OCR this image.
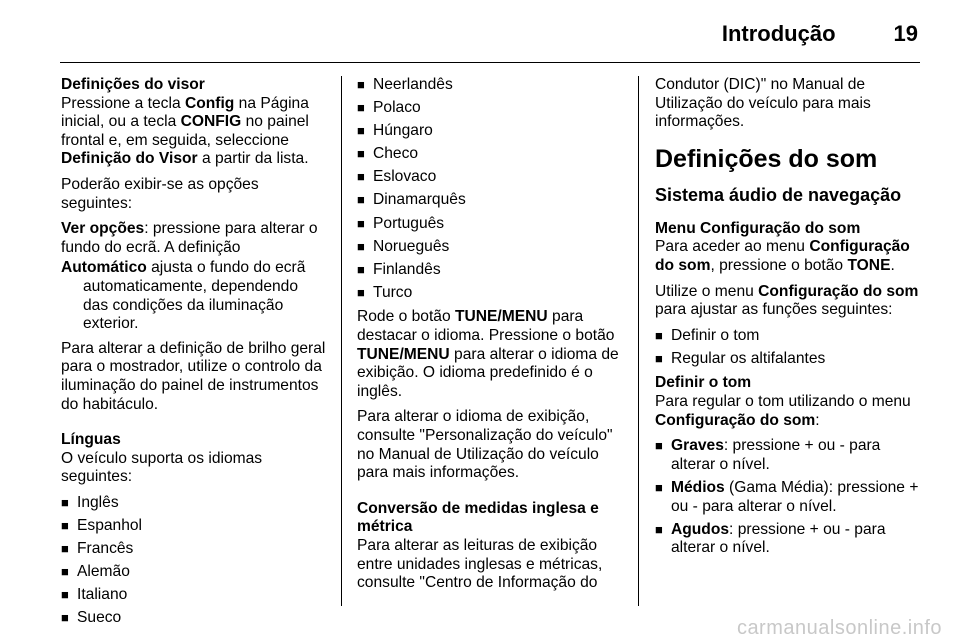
Introdução	19
Definições do visor

Pressione a tecla Config na Página inicial, ou a tecla CONFIG no painel frontal e, em seguida, seleccione Definição do Visor a partir da lista.

Poderão exibir-se as opções seguintes:

Ver opções: pressione para alterar o fundo do ecrã. A definição

Automático ajusta o fundo do ecrã automaticamente, dependendo das condições da iluminação exterior.

Para alterar a definição de brilho geral para o mostrador, utilize o controlo da iluminação do painel de instrumentos do habitáculo.

Línguas

O veículo suporta os idiomas seguintes:

■ Inglês
■ Espanhol
■ Francês
■ Alemão
■ Italiano
■ Sueco
■ Neerlandês
■ Polaco
■ Húngaro
■ Checo
■ Eslovaco
■ Dinamarquês
■ Português
■ Norueguês
■ Finlandês
■ Turco

Rode o botão TUNE/MENU para destacar o idioma. Pressione o botão TUNE/MENU para alterar o idioma de exibição. O idioma predefinido é o inglês.

Para alterar o idioma de exibição, consulte "Personalização do veículo" no Manual de Utilização do veículo para mais informações.

Conversão de medidas inglesa e métrica

Para alterar as leituras de exibição entre unidades inglesas e métricas, consulte "Centro de Informação do

Condutor (DIC)" no Manual de Utilização do veículo para mais informações.

Definições do som
Sistema áudio de navegação
Menu Configuração do som

Para aceder ao menu Configuração do som, pressione o botão TONE.

Utilize o menu Configuração do som para ajustar as funções seguintes:

■ Definir o tom
■ Regular os altifalantes
Definir o tom

Para regular o tom utilizando o menu Configuração do som:

■ Graves: pressione + ou - para alterar o nível.
■ Médios (Gama Média): pressione + ou - para alterar o nível.
■ Agudos: pressione + ou - para alterar o nível.
carmanualsonline.info
